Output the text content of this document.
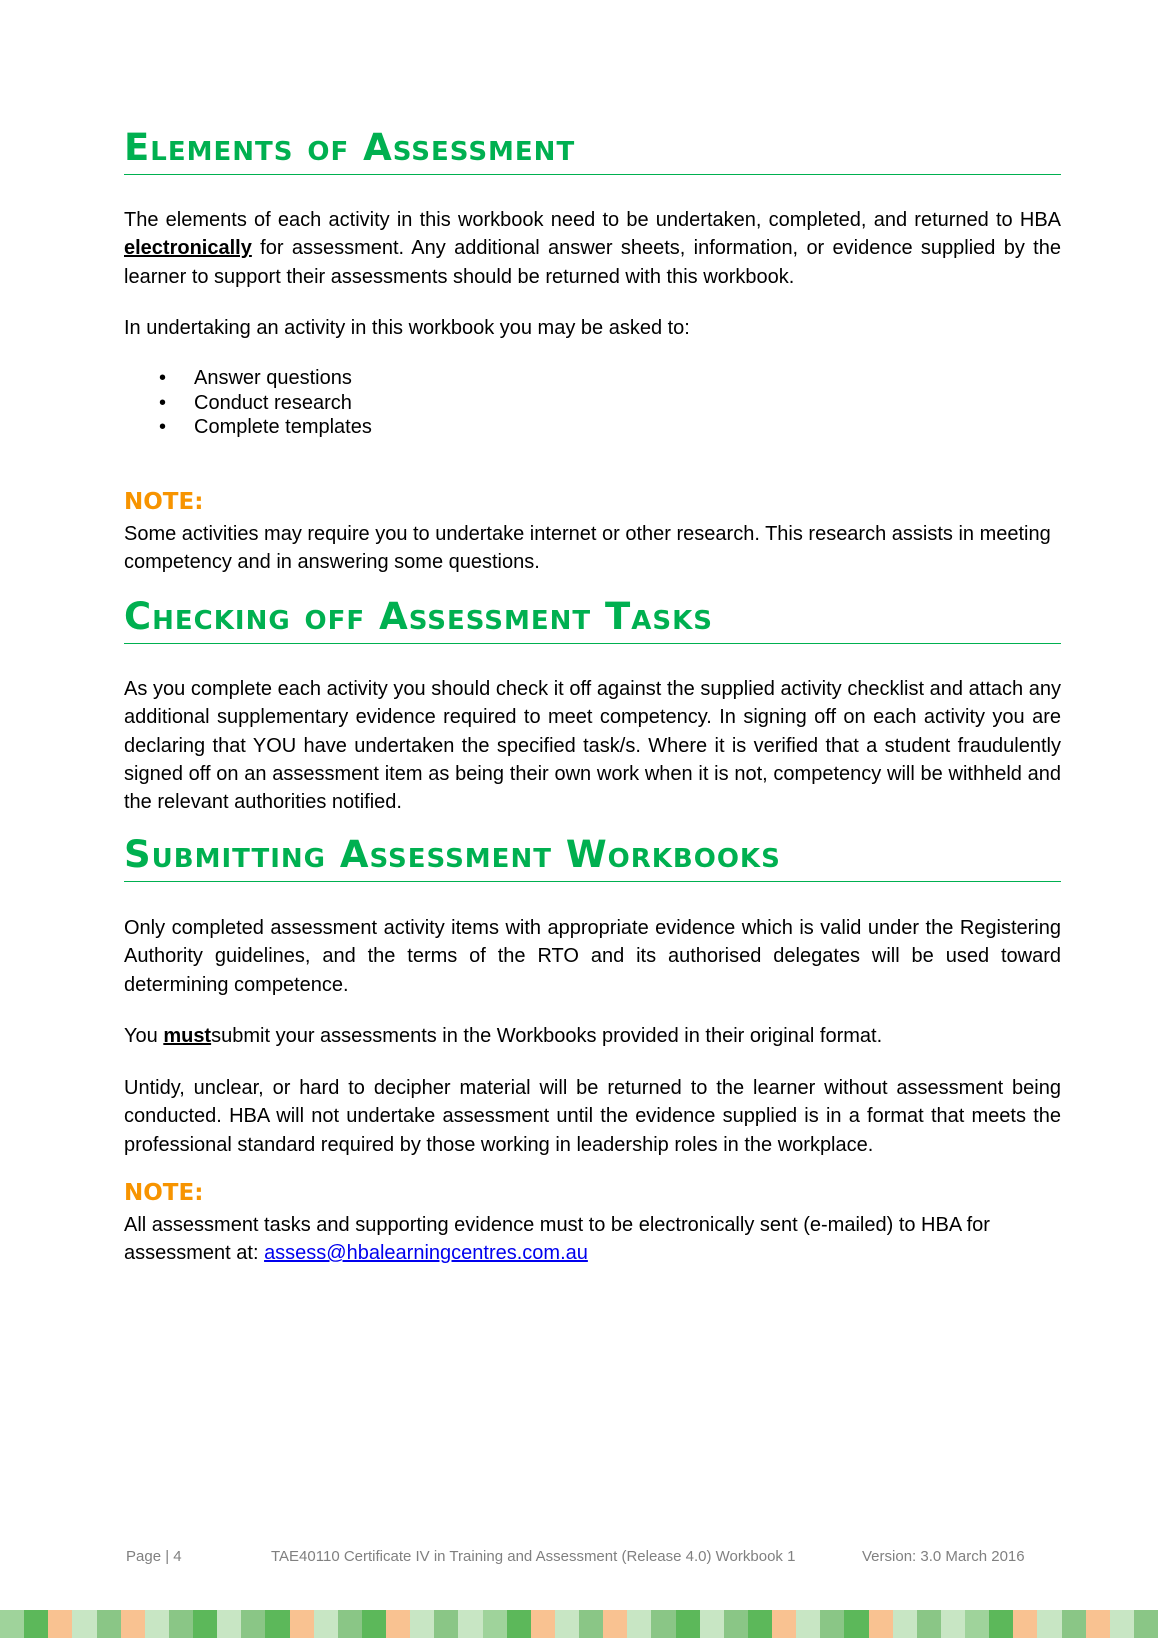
Elements of Assessment

The elements of each activity in this workbook need to be undertaken, completed, and returned to HBA electronically for assessment. Any additional answer sheets, information, or evidence supplied by the learner to support their assessments should be returned with this workbook.

In undertaking an activity in this workbook you may be asked to:

• Answer questions
• Conduct research
• Complete templates
NOTE:

Some activities may require you to undertake internet or other research. This research assists in meeting competency and in answering some questions.

Checking off Assessment Tasks

As you complete each activity you should check it off against the supplied activity checklist and attach any additional supplementary evidence required to meet competency. In signing off on each activity you are declaring that YOU have undertaken the specified task/s. Where it is verified that a student fraudulently signed off on an assessment item as being their own work when it is not, competency will be withheld and the relevant authorities notified.

Submitting Assessment Workbooks

Only completed assessment activity items with appropriate evidence which is valid under the Registering Authority guidelines, and the terms of the RTO and its authorised delegates will be used toward determining competence.

You mustsubmit your assessments in the Workbooks provided in their original format.

Untidy, unclear, or hard to decipher material will be returned to the learner without assessment being conducted. HBA will not undertake assessment until the evidence supplied is in a format that meets the professional standard required by those working in leadership roles in the workplace.

NOTE:

All assessment tasks and supporting evidence must to be electronically sent (e-mailed) to HBA for assessment at: assess@hbalearningcentres.com.au

Page | 4	TAE40110 Certificate IV in Training and Assessment (Release 4.0) Workbook 1	Version: 3.0 March 2016
